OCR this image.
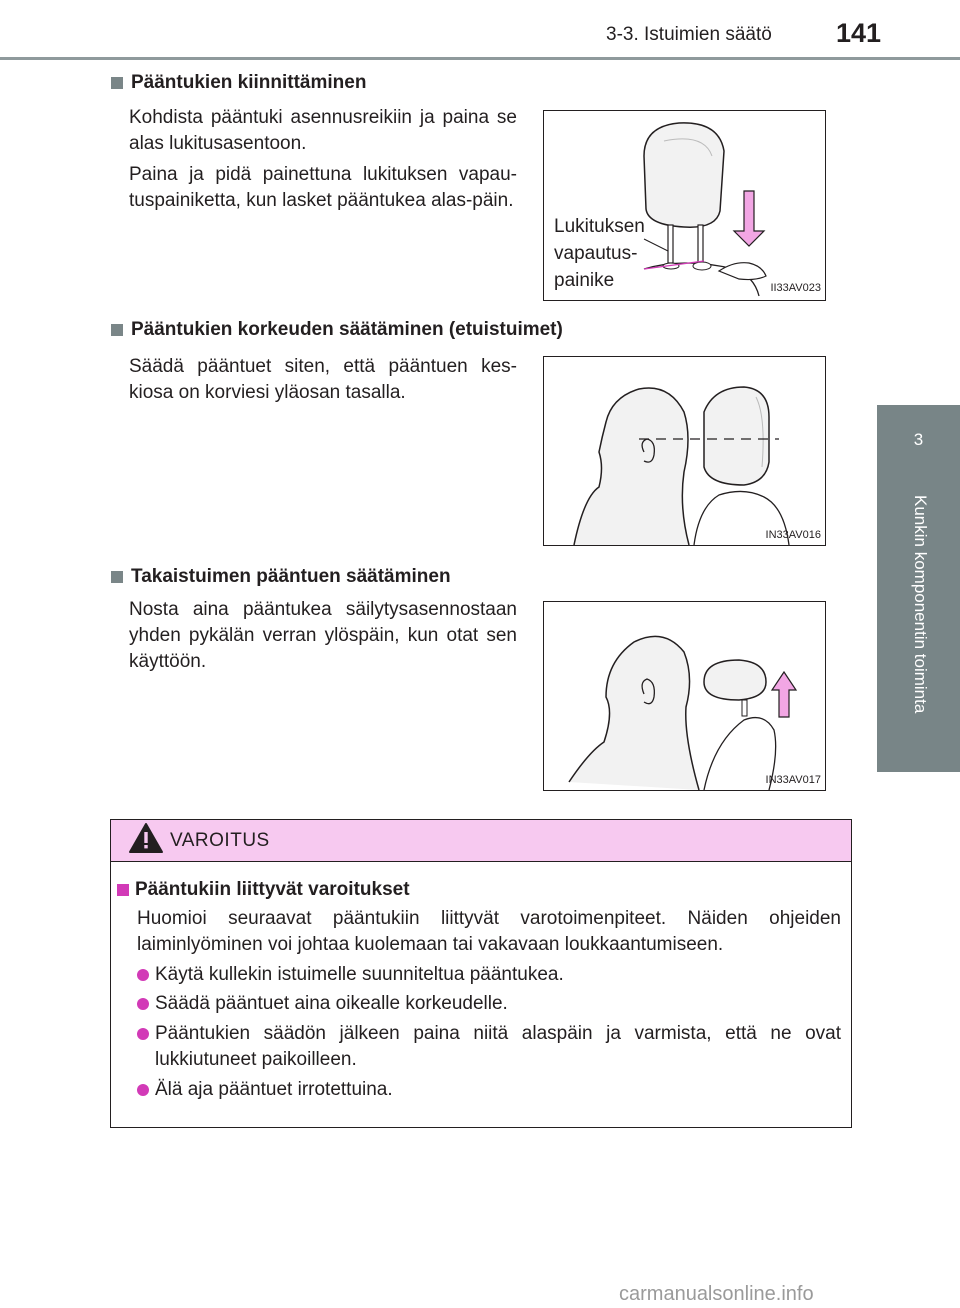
3-3. Istuimien säätö 141
3
Kunkin komponentin toiminta
Pääntukien kiinnittäminen
Kohdista pääntuki asennusreikiin ja paina se alas lukitusasentoon.
Paina ja pidä painettuna lukituksen vapau-tuspainiketta, kun lasket pääntukea alas-päin.
Lukituksen
vapautus-
painike	II33AV023
Pääntukien korkeuden säätäminen (etuistuimet)
Säädä pääntuet siten, että pääntuen kes-kiosa on korviesi yläosan tasalla.
IN33AV016
Takaistuimen pääntuen säätäminen
Nosta aina pääntukea säilytysasennostaan yhden pykälän verran ylöspäin, kun otat sen käyttöön.
IN33AV017
VAROITUS
Pääntukiin liittyvät varoitukset
Huomioi seuraavat pääntukiin liittyvät varotoimenpiteet. Näiden ohjeiden laiminlyöminen voi johtaa kuolemaan tai vakavaan loukkaantumiseen.
Käytä kullekin istuimelle suunniteltua pääntukea.
Säädä pääntuet aina oikealle korkeudelle.
Pääntukien säädön jälkeen paina niitä alaspäin ja varmista, että ne ovat lukkiutuneet paikoilleen.
Älä aja pääntuet irrotettuina.
carmanualsonline.info
